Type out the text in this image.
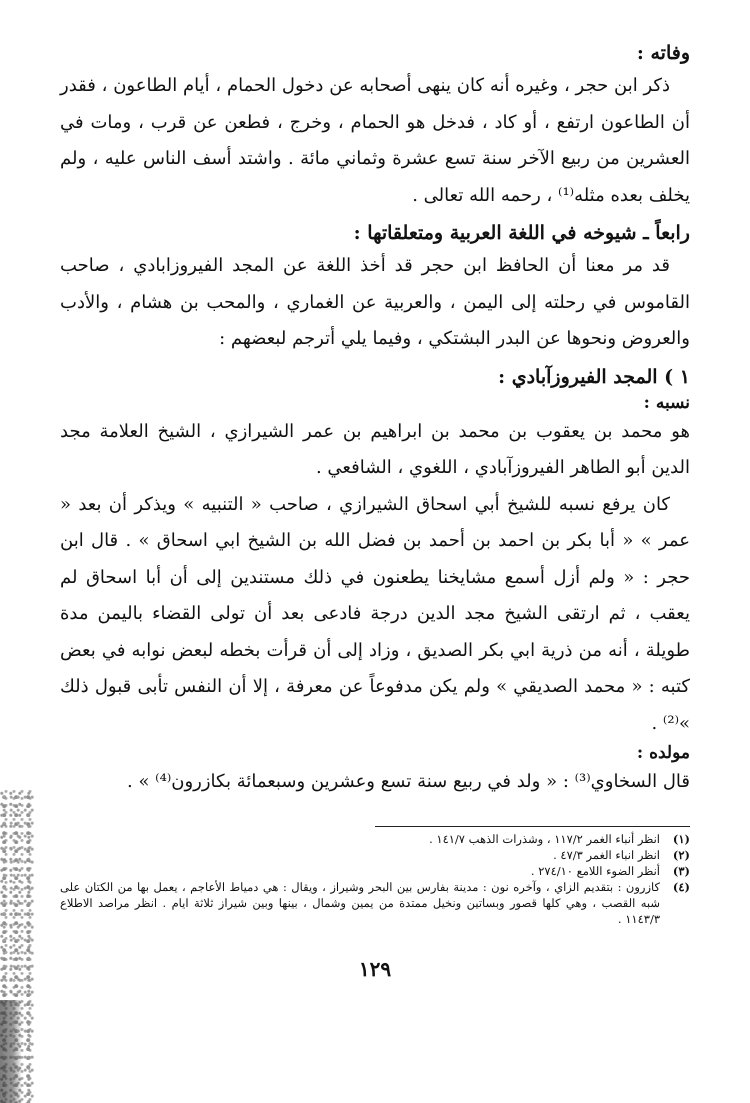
وفاته :

ذكر ابن حجر ، وغيره أنه كان ينهى أصحابه عن دخول الحمام ، أيام الطاعون ، فقدر أن الطاعون ارتفع ، أو كاد ، فدخل هو الحمام ، وخرج ، فطعن عن قرب ، ومات في العشرين من ربيع الآخر سنة تسع عشرة وثماني مائة . واشتد أسف الناس عليه ، ولم يخلف بعده مثله⁽¹⁾ ، رحمه الله تعالى .

رابعاً ـ شيوخه في اللغة العربية ومتعلقاتها :

قد مر معنا أن الحافظ ابن حجر قد أخذ اللغة عن المجد الفيروزابادي ، صاحب القاموس في رحلته إلى اليمن ، والعربية عن الغماري ، والمحب بن هشام ، والأدب والعروض ونحوها عن البدر البشتكي ، وفيما يلي أترجم لبعضهم :

١ ) المجد الفيروزآبادي :
نسبه :

هو محمد بن يعقوب بن محمد بن ابراهيم بن عمر الشيرازي ، الشيخ العلامة مجد الدين أبو الطاهر الفيروزآبادي ، اللغوي ، الشافعي .

كان يرفع نسبه للشيخ أبي اسحاق الشيرازي ، صاحب « التنبيه » ويذكر أن بعد « عمر » « أبا بكر بن احمد بن أحمد بن فضل الله بن الشيخ ابي اسحاق » . قال ابن حجر : « ولم أزل أسمع مشايخنا يطعنون في ذلك مستندين إلى أن أبا اسحاق لم يعقب ، ثم ارتقى الشيخ مجد الدين درجة فادعى بعد أن تولى القضاء باليمن مدة طويلة ، أنه من ذرية ابي بكر الصديق ، وزاد إلى أن قرأت بخطه لبعض نوابه في بعض كتبه : « محمد الصديقي » ولم يكن مدفوعاً عن معرفة ، إلا أن النفس تأبى قبول ذلك »⁽²⁾ .

مولده :

قال السخاوي⁽³⁾ : « ولد في ربيع سنة تسع وعشرين وسبعمائة بكازرون⁽⁴⁾ » .

(١)
انظر أنباء الغمر ١١٧/٢ ، وشذرات الذهب ١٤١/٧ .
(٢)
انظر انباء الغمر ٤٧/٣ .
(٣)
أنظر الضوء اللامع ٢٧٤/١٠ .
(٤)
كازرون : بتقديم الزاي ، وآخره نون : مدينة بفارس بين البحر وشيراز ، ويقال : هي دمياط الأعاجم ، يعمل بها من الكتان على شبه القصب ، وهي كلها قصور وبساتين ونخيل ممتدة من يمين وشمال ، بينها وبين شيراز ثلاثة ايام . انظر مراصد الاطلاع ١١٤٣/٣ .
١٢٩
